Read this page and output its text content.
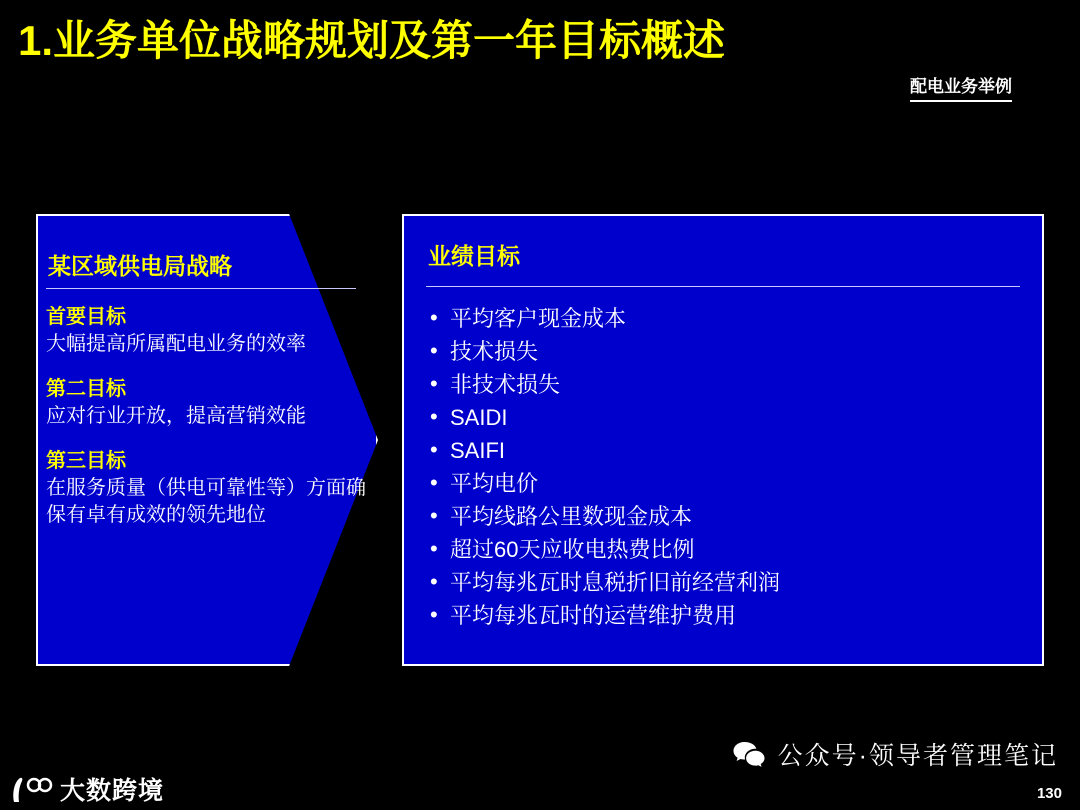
1.业务单位战略规划及第一年目标概述
配电业务举例
某区域供电局战略
首要目标
大幅提高所属配电业务的效率
第二目标
应对行业开放，提高营销效能
第三目标
在服务质量（供电可靠性等）方面确保有卓有成效的领先地位
业绩目标
• 平均客户现金成本
• 技术损失
• 非技术损失
• SAIDI
• SAIFI
• 平均电价
• 平均线路公里数现金成本
• 超过60天应收电热费比例
• 平均每兆瓦时息税折旧前经营利润
• 平均每兆瓦时的运营维护费用
公众号·领导者管理笔记
130
大数跨境
